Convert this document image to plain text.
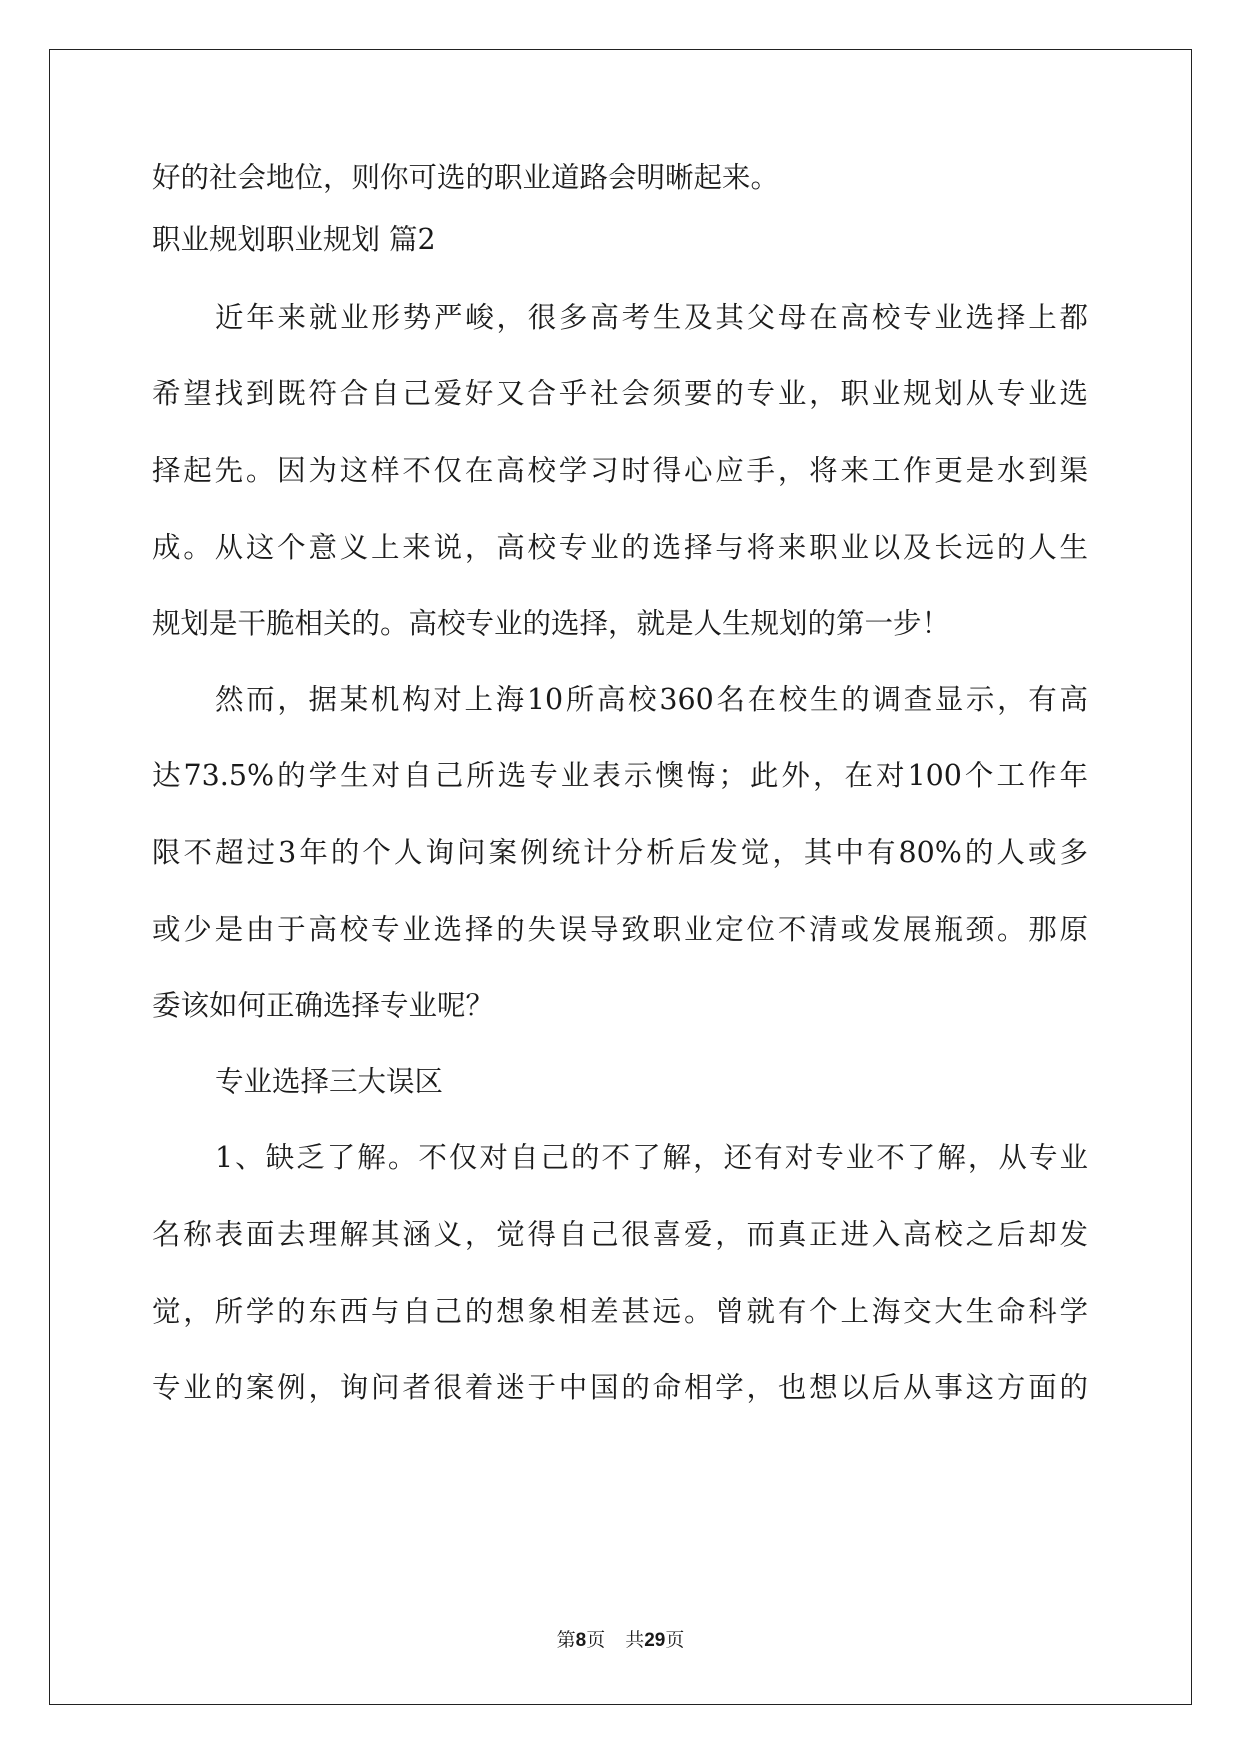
好的社会地位，则你可选的职业道路会明晰起来。
职业规划职业规划 篇2
近年来就业形势严峻，很多高考生及其父母在高校专业选择上都
希望找到既符合自己爱好又合乎社会须要的专业，职业规划从专业选
择起先。因为这样不仅在高校学习时得心应手，将来工作更是水到渠
成。从这个意义上来说，高校专业的选择与将来职业以及长远的人生
规划是干脆相关的。高校专业的选择，就是人生规划的第一步！
然而，据某机构对上海10所高校360名在校生的调查显示，有高
达73.5%的学生对自己所选专业表示懊悔；此外，在对100个工作年
限不超过3年的个人询问案例统计分析后发觉，其中有80%的人或多
或少是由于高校专业选择的失误导致职业定位不清或发展瓶颈。那原
委该如何正确选择专业呢？
专业选择三大误区
1、缺乏了解。不仅对自己的不了解，还有对专业不了解，从专业
名称表面去理解其涵义，觉得自己很喜爱，而真正进入高校之后却发
觉，所学的东西与自己的想象相差甚远。曾就有个上海交大生命科学
专业的案例，询问者很着迷于中国的命相学，也想以后从事这方面的
第8页 共29页
